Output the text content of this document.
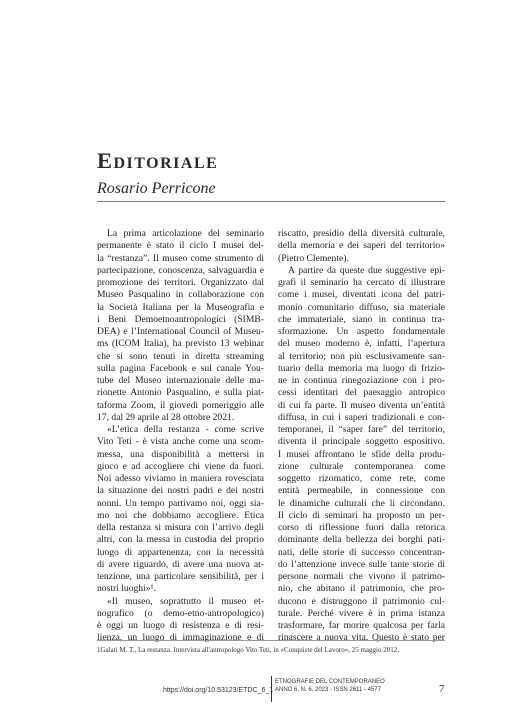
Editoriale

Rosario Perricone

La prima articolazione del seminario
permanente è stato il ciclo I musei del-
la “restanza”. Il museo come strumento di
partecipazione, conoscenza, salvaguardia e
promozione dei territori. Organizzato dal
Museo Pasqualino in collaborazione con
la Società Italiana per la Museografia e
i Beni Demoetnoantropologici (SIMB-
DEA) e l’International Council of Museu-
ms (ICOM Italia), ha previsto 13 webinar
che si sono tenuti in diretta streaming
sulla pagina Facebook e sul canale You-
tube del Museo internazionale delle ma-
rionette Antonio Pasqualino, e sulla piat-
taforma Zoom, il giovedì pomeriggio alle
17, dal 29 aprile al 28 ottobre 2021.
«L’etica della restanza - come scrive
Vito Teti - è vista anche come una scom-
messa, una disponibilità a mettersi in
gioco e ad accogliere chi viene da fuori.
Noi adesso viviamo in maniera rovesciata
la situazione dei nostri padri e dei nostri
nonni. Un tempo partivamo noi, oggi sia-
mo noi che dobbiamo accogliere. Etica
della restanza si misura con l’arrivo degli
altri, con la messa in custodia del proprio
luogo di appartenenza, con la necessità
di avere riguardo, di avere una nuova at-
tenzione, una particolare sensibilità, per i
nostri luoghi»¹.
«Il museo, soprattutto il museo et-
nografico (o demo-etno-antropologico)
è oggi un luogo di resistenza e di resi-
lienza, un luogo di immaginazione e di
riscatto, presidio della diversità culturale,
della memoria e dei saperi del territorio»
(Pietro Clemente).
A partire da queste due suggestive epi-
grafi il seminario ha cercato di illustrare
come i musei, diventati icona del patri-
monio comunitario diffuso, sia materiale
che immateriale, siano in continua tra-
sformazione. Un aspetto fondamentale
del museo moderno è, infatti, l’apertura
al territorio; non più esclusivamente san-
tuario della memoria ma luogo di frizio-
ne in continua rinegoziazione con i pro-
cessi identitari del paesaggio antropico
di cui fa parte. Il museo diventa un’entità
diffusa, in cui i saperi tradizionali e con-
temporanei, il “saper fare” del territorio,
diventa il principale soggetto espositivo.
I musei affrontano le sfide della produ-
zione culturale contemporanea come
soggetto rizomatico, come rete, come
entità permeabile, in connessione con
le dinamiche culturali che li circondano.
Il ciclo di seminari ha proposto un per-
corso di riflessione fuori dalla retorica
dominante della bellezza dei borghi pati-
nati, delle storie di successo concentran-
do l’attenzione invece sulle tante storie di
persone normali che vivono il patrimo-
nio, che abitano il patrimonio, che pro-
ducono e distruggono il patrimonio cul-
turale. Perché vivere è in prima istanza
trasformare, far morire qualcosa per farla
rinascere a nuova vita. Questo è stato per
1Galati M. T., La restanza. Intervista all'antropologo Vito Teti, in «Conquiste del Lavoro», 25 maggio 2012.
https://doi.org/10.53123/ETDC_6_1
ETNOGRAFIE DEL CONTEMPORANEO
ANNO 6, N. 6, 2023 - ISSN 2611 - 4577	7
